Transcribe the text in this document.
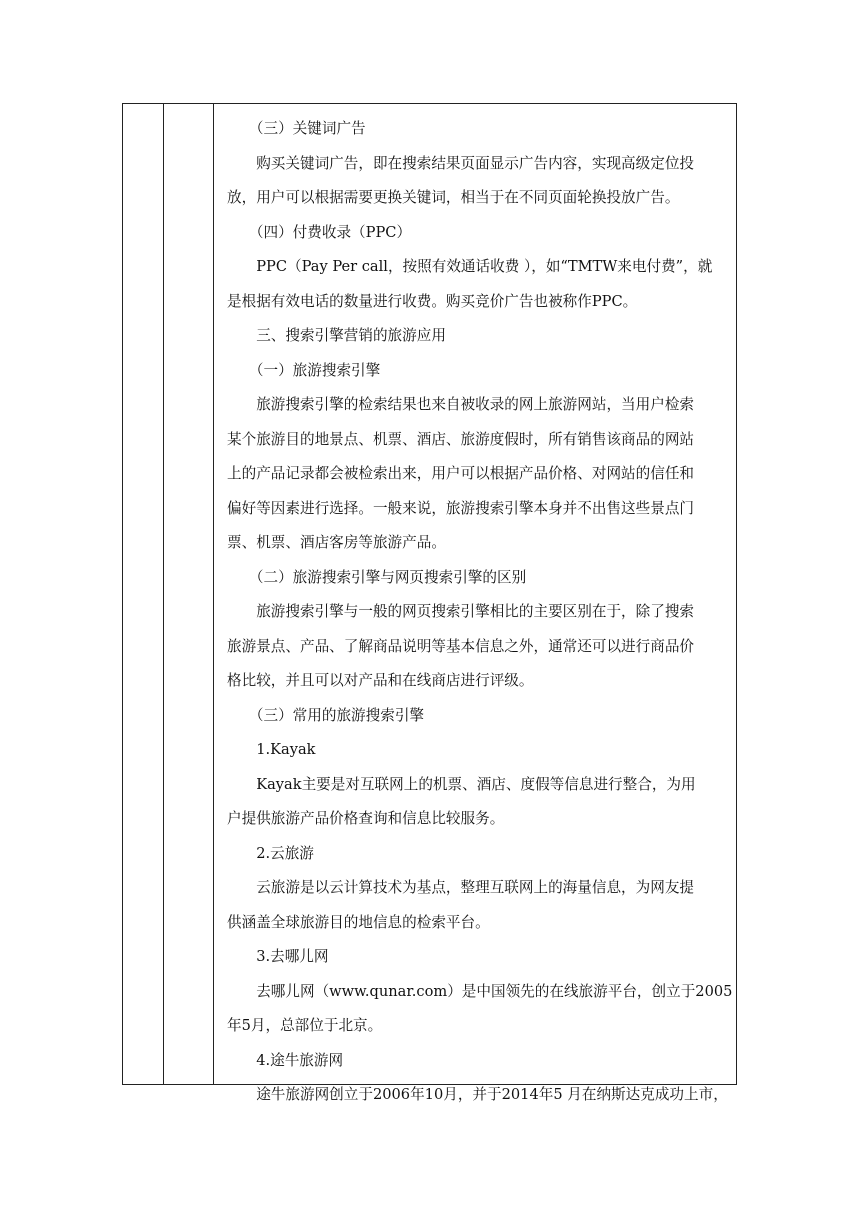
（三）关键词广告

购买关键词广告，即在搜索结果页面显示广告内容，实现高级定位投

放，用户可以根据需要更换关键词，相当于在不同页面轮换投放广告。

（四）付费收录（PPC）

PPC（Pay Per call，按照有效通话收费 ），如“TMTW来电付费”，就

是根据有效电话的数量进行收费。购买竞价广告也被称作PPC。

三、搜索引擎营销的旅游应用

（一）旅游搜索引擎

旅游搜索引擎的检索结果也来自被收录的网上旅游网站，当用户检索

某个旅游目的地景点、机票、酒店、旅游度假时，所有销售该商品的网站

上的产品记录都会被检索出来，用户可以根据产品价格、对网站的信任和

偏好等因素进行选择。一般来说，旅游搜索引擎本身并不出售这些景点门

票、机票、酒店客房等旅游产品。

（二）旅游搜索引擎与网页搜索引擎的区别

旅游搜索引擎与一般的网页搜索引擎相比的主要区别在于，除了搜索

旅游景点、产品、了解商品说明等基本信息之外，通常还可以进行商品价

格比较，并且可以对产品和在线商店进行评级。

（三）常用的旅游搜索引擎

1.Kayak

Kayak主要是对互联网上的机票、酒店、度假等信息进行整合，为用

户提供旅游产品价格查询和信息比较服务。

2.云旅游

云旅游是以云计算技术为基点，整理互联网上的海量信息，为网友提

供涵盖全球旅游目的地信息的检索平台。

3.去哪儿网

去哪儿网（www.qunar.com）是中国领先的在线旅游平台，创立于2005

年5月，总部位于北京。

4.途牛旅游网

途牛旅游网创立于2006年10月，并于2014年5 月在纳斯达克成功上市，
